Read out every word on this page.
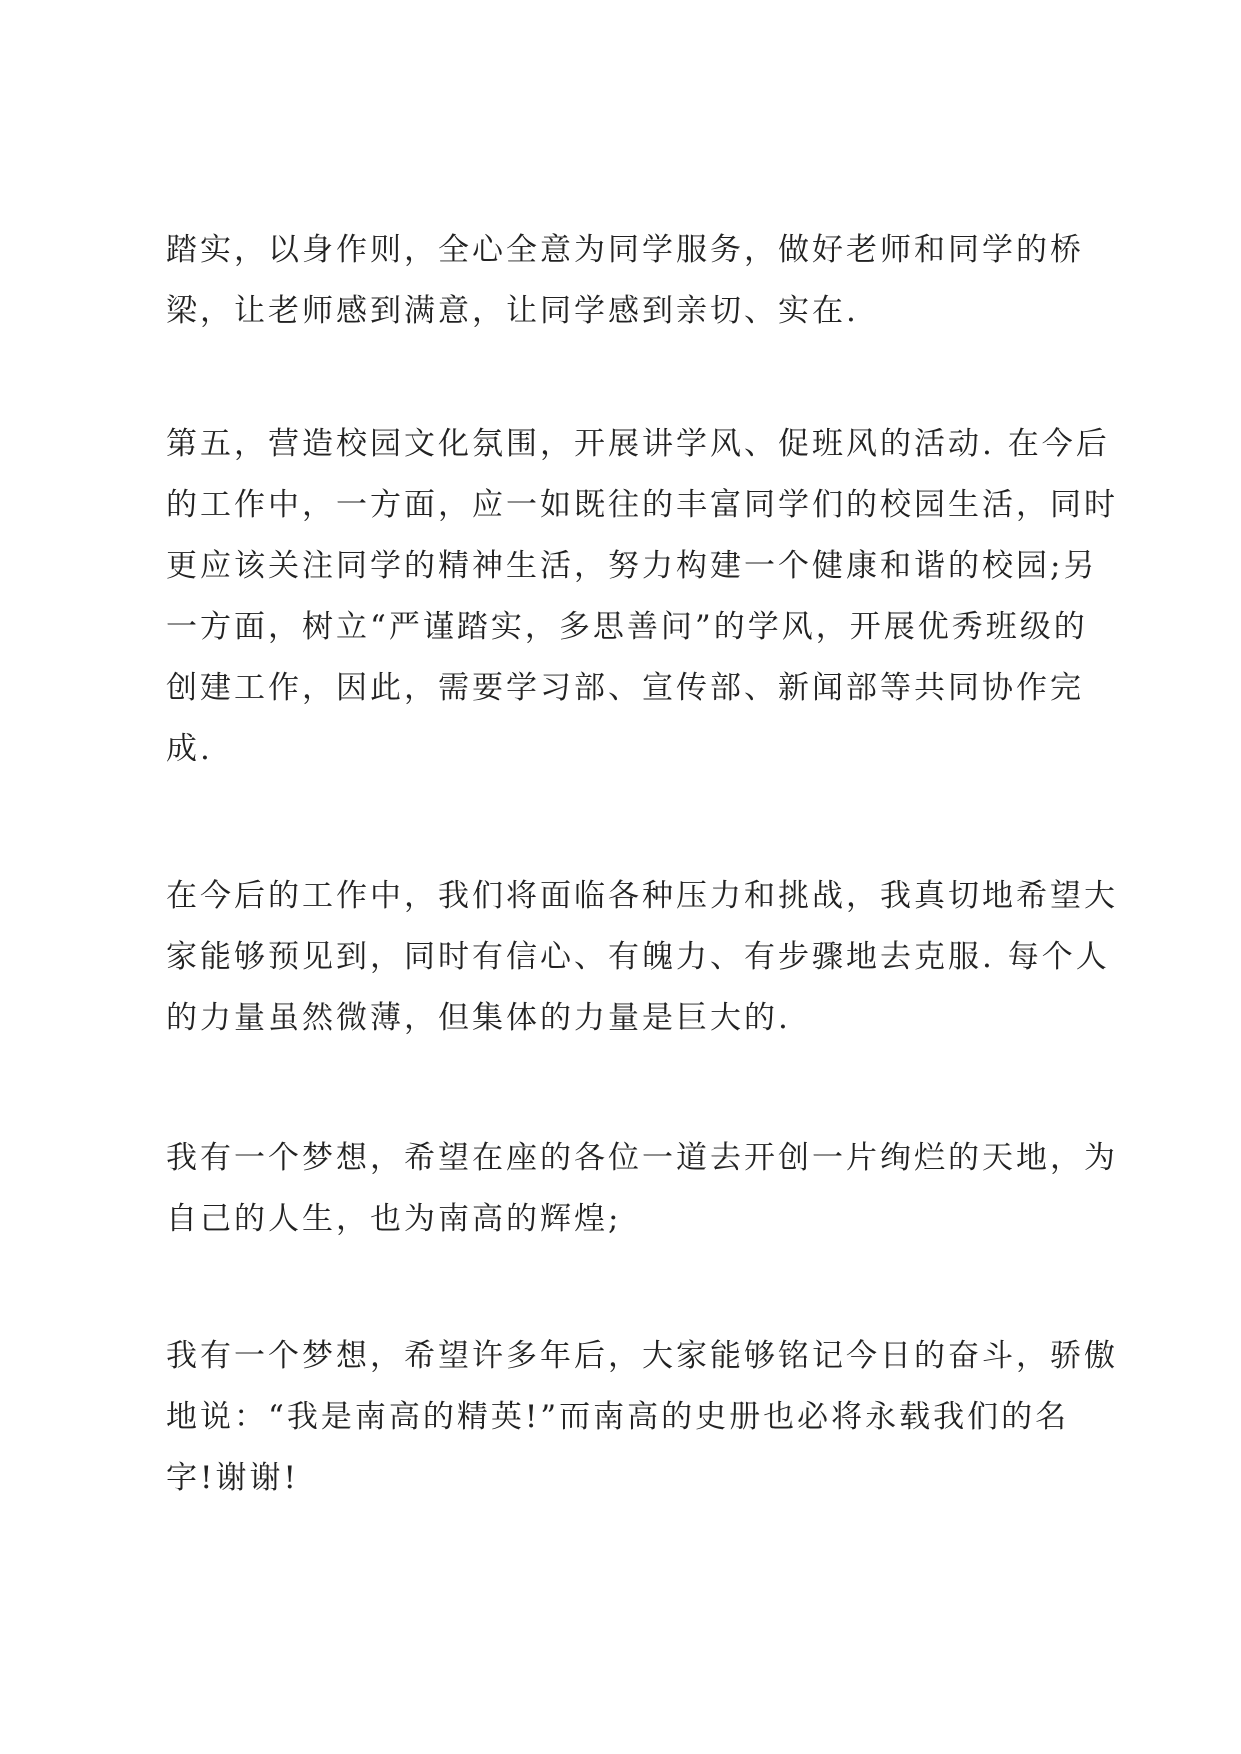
踏实，以身作则，全心全意为同学服务，做好老师和同学的桥
梁，让老师感到满意，让同学感到亲切、实在.
第五，营造校园文化氛围，开展讲学风、促班风的活动. 在今后
的工作中，一方面，应一如既往的丰富同学们的校园生活，同时
更应该关注同学的精神生活，努力构建一个健康和谐的校园;另
一方面，树立“严谨踏实，多思善问”的学风，开展优秀班级的
创建工作，因此，需要学习部、宣传部、新闻部等共同协作完
成.
在今后的工作中，我们将面临各种压力和挑战，我真切地希望大
家能够预见到，同时有信心、有魄力、有步骤地去克服. 每个人
的力量虽然微薄，但集体的力量是巨大的.
我有一个梦想，希望在座的各位一道去开创一片绚烂的天地，为
自己的人生，也为南高的辉煌;
我有一个梦想，希望许多年后，大家能够铭记今日的奋斗，骄傲
地说：“我是南高的精英!”而南高的史册也必将永载我们的名
字!谢谢!
